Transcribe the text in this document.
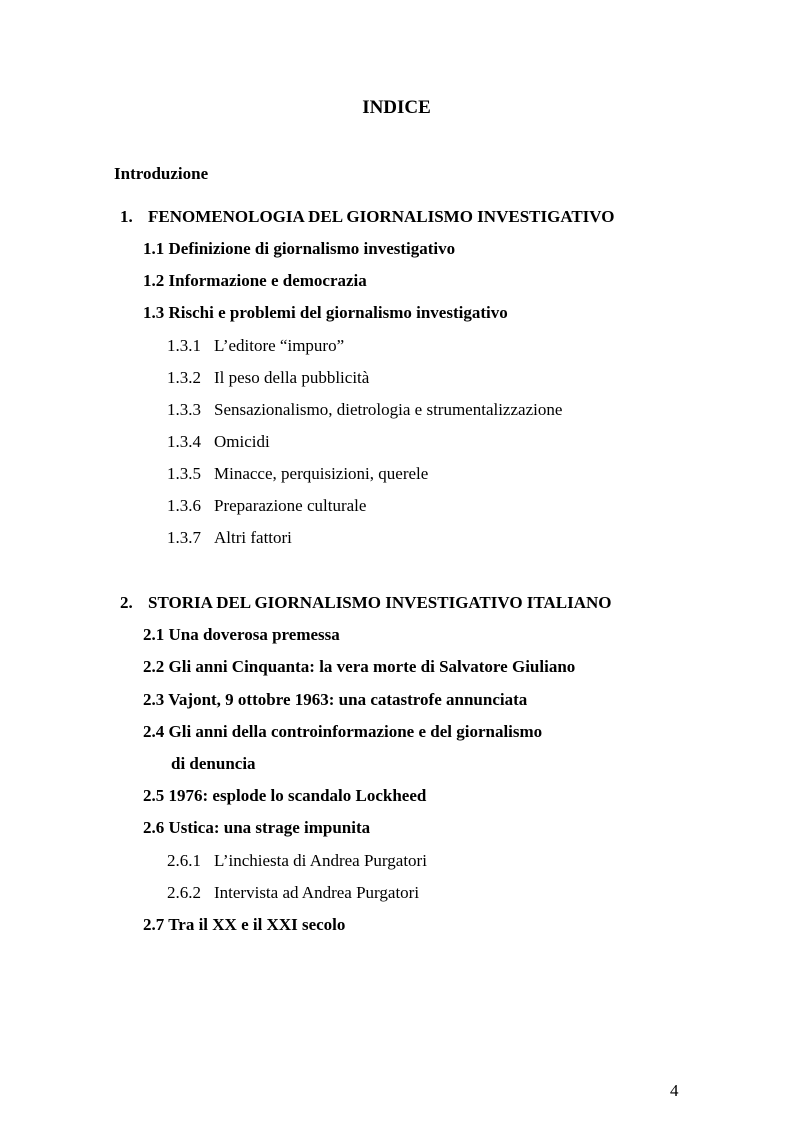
INDICE
Introduzione
1. FENOMENOLOGIA DEL GIORNALISMO INVESTIGATIVO
1.1 Definizione di giornalismo investigativo
1.2 Informazione e democrazia
1.3 Rischi e problemi del giornalismo investigativo
1.3.1 L’editore “impuro”
1.3.2 Il peso della pubblicità
1.3.3 Sensazionalismo, dietrologia e strumentalizzazione
1.3.4 Omicidi
1.3.5 Minacce, perquisizioni, querele
1.3.6 Preparazione culturale
1.3.7 Altri fattori
2. STORIA DEL GIORNALISMO INVESTIGATIVO ITALIANO
2.1 Una doverosa premessa
2.2 Gli anni Cinquanta: la vera morte di Salvatore Giuliano
2.3 Vajont, 9 ottobre 1963: una catastrofe annunciata
2.4 Gli anni della controinformazione e del giornalismo
di denuncia
2.5 1976: esplode lo scandalo Lockheed
2.6 Ustica: una strage impunita
2.6.1 L’inchiesta di Andrea Purgatori
2.6.2 Intervista ad Andrea Purgatori
2.7 Tra il XX e il XXI secolo
4
